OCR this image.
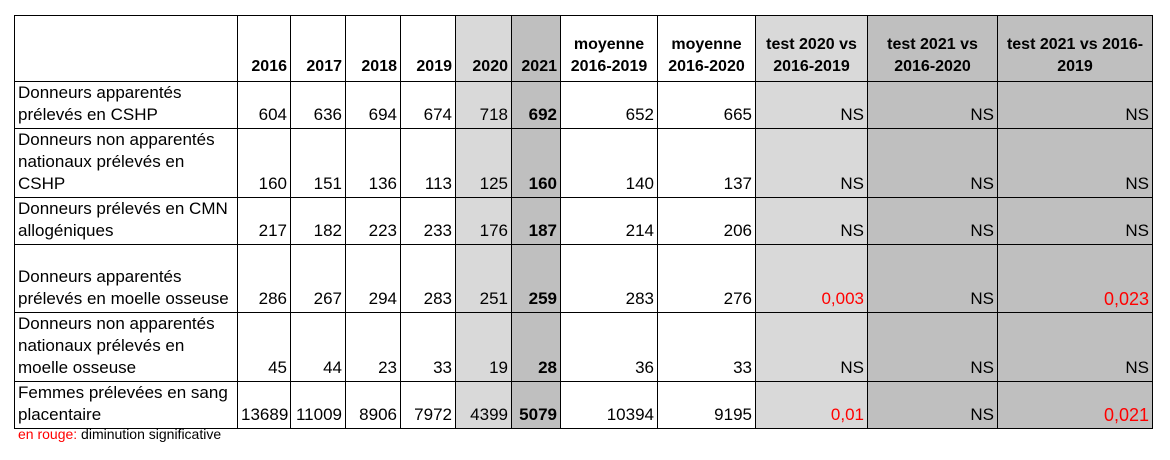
	2016	2017	2018	2019	2020	2021	moyenne 2016-2019	moyenne 2016-2020	test 2020 vs 2016-2019	test 2021 vs 2016-2020	test 2021 vs 2016-2019
Donneurs apparentés prélevés en CSHP	604	636	694	674	718	692	652	665	NS	NS	NS
Donneurs non apparentés nationaux prélevés en CSHP	160	151	136	113	125	160	140	137	NS	NS	NS
Donneurs prélevés en CMN allogéniques	217	182	223	233	176	187	214	206	NS	NS	NS
Donneurs apparentés prélevés en moelle osseuse	286	267	294	283	251	259	283	276	0,003	NS	0,023
Donneurs non apparentés nationaux prélevés en moelle osseuse	45	44	23	33	19	28	36	33	NS	NS	NS
Femmes prélevées en sang placentaire	13689	11009	8906	7972	4399	5079	10394	9195	0,01	NS	0,021
en rouge: diminution significative
